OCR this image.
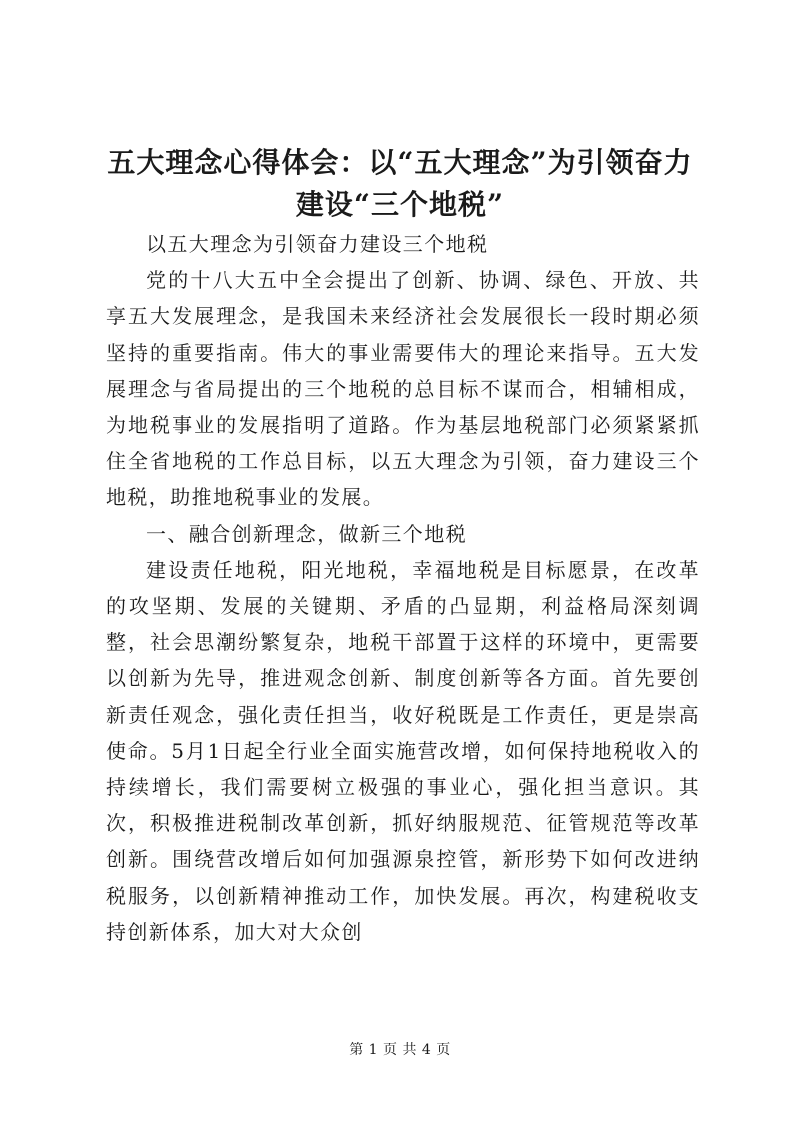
五大理念心得体会：以“五大理念”为引领奋力建设“三个地税”

以五大理念为引领奋力建设三个地税

党的十八大五中全会提出了创新、协调、绿色、开放、共享五大发展理念，是我国未来经济社会发展很长一段时期必须坚持的重要指南。伟大的事业需要伟大的理论来指导。五大发展理念与省局提出的三个地税的总目标不谋而合，相辅相成，为地税事业的发展指明了道路。作为基层地税部门必须紧紧抓住全省地税的工作总目标，以五大理念为引领，奋力建设三个地税，助推地税事业的发展。

一、融合创新理念，做新三个地税

建设责任地税，阳光地税，幸福地税是目标愿景，在改革的攻坚期、发展的关键期、矛盾的凸显期，利益格局深刻调整，社会思潮纷繁复杂，地税干部置于这样的环境中，更需要以创新为先导，推进观念创新、制度创新等各方面。首先要创新责任观念，强化责任担当，收好税既是工作责任，更是崇高使命。5月1日起全行业全面实施营改增，如何保持地税收入的持续增长，我们需要树立极强的事业心，强化担当意识。其次，积极推进税制改革创新，抓好纳服规范、征管规范等改革创新。围绕营改增后如何加强源泉控管，新形势下如何改进纳税服务，以创新精神推动工作，加快发展。再次，构建税收支持创新体系，加大对大众创

第 1 页 共 4 页
